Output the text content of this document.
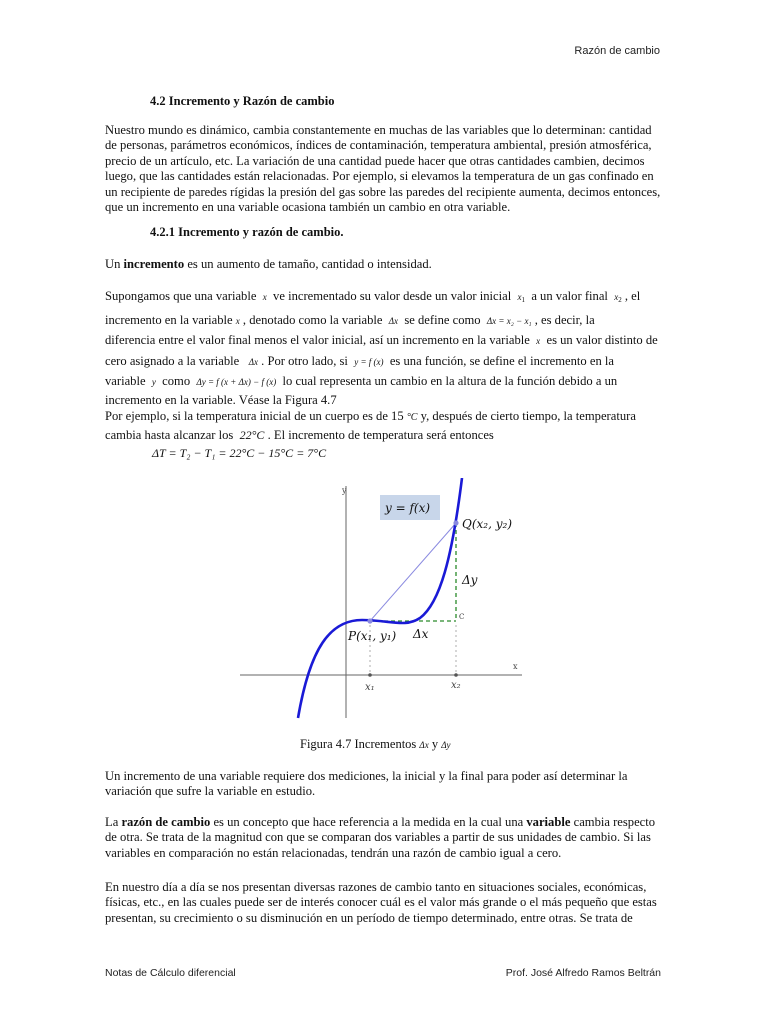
Razón de cambio
4.2 Incremento y Razón de cambio
Nuestro mundo es dinámico, cambia constantemente en muchas de las variables que lo determinan: cantidad
de personas, parámetros económicos, índices de contaminación, temperatura ambiental, presión atmosférica,
precio de un artículo, etc. La variación de una cantidad puede hacer que otras cantidades cambien, decimos
luego, que las cantidades están relacionadas. Por ejemplo, si elevamos la temperatura de un gas confinado en
un recipiente de paredes rígidas la presión del gas sobre las paredes del recipiente aumenta, decimos entonces,
que un incremento en una variable ocasiona también un cambio en otra variable.
4.2.1 Incremento y razón de cambio.
Un incremento es un aumento de tamaño, cantidad o intensidad.
Supongamos que una variable  x  ve incrementado su valor desde un valor inicial  $x_1$  a un valor final  $x_2$ , el
incremento en la variable x , denotado como la variable  Δx  se define como  Δx = x₂ − x₁ , es decir, la
diferencia entre el valor final menos el valor inicial, así un incremento en la variable  x  es un valor distinto de
cero asignado a la variable   Δx . Por otro lado, si  y = f (x)  es una función, se define el incremento en la
variable  y  como  Δy = f (x + Δx) − f (x)  lo cual representa un cambio en la altura de la función debido a un
incremento en la variable. Véase la Figura 4.7
Por ejemplo, si la temperatura inicial de un cuerpo es de 15 °C y, después de cierto tiempo, la temperatura
cambia hasta alcanzar los  22°C . El incremento de temperatura será entonces
ΔT = T₂ − T₁ = 22°C − 15°C = 7°C
x
y
y = f(x)
Q(x₂, y₂)
P(x₁, y₁) Δx
Δy
C
x₁	x₂
Figura 4.7 Incrementos Δx y Δy
Un incremento de una variable requiere dos mediciones, la inicial y la final para poder así determinar la
variación que sufre la variable en estudio.
La razón de cambio es un concepto que hace referencia a la medida en la cual una variable cambia respecto
de otra. Se trata de la magnitud con que se comparan dos variables a partir de sus unidades de cambio. Si las
variables en comparación no están relacionadas, tendrán una razón de cambio igual a cero.
En nuestro día a día se nos presentan diversas razones de cambio tanto en situaciones sociales, económicas,
físicas, etc., en las cuales puede ser de interés conocer cuál es el valor más grande o el más pequeño que estas
presentan, su crecimiento o su disminución en un período de tiempo determinado, entre otras. Se trata de
Notas de Cálculo diferencial	Prof. José Alfredo Ramos Beltrán
